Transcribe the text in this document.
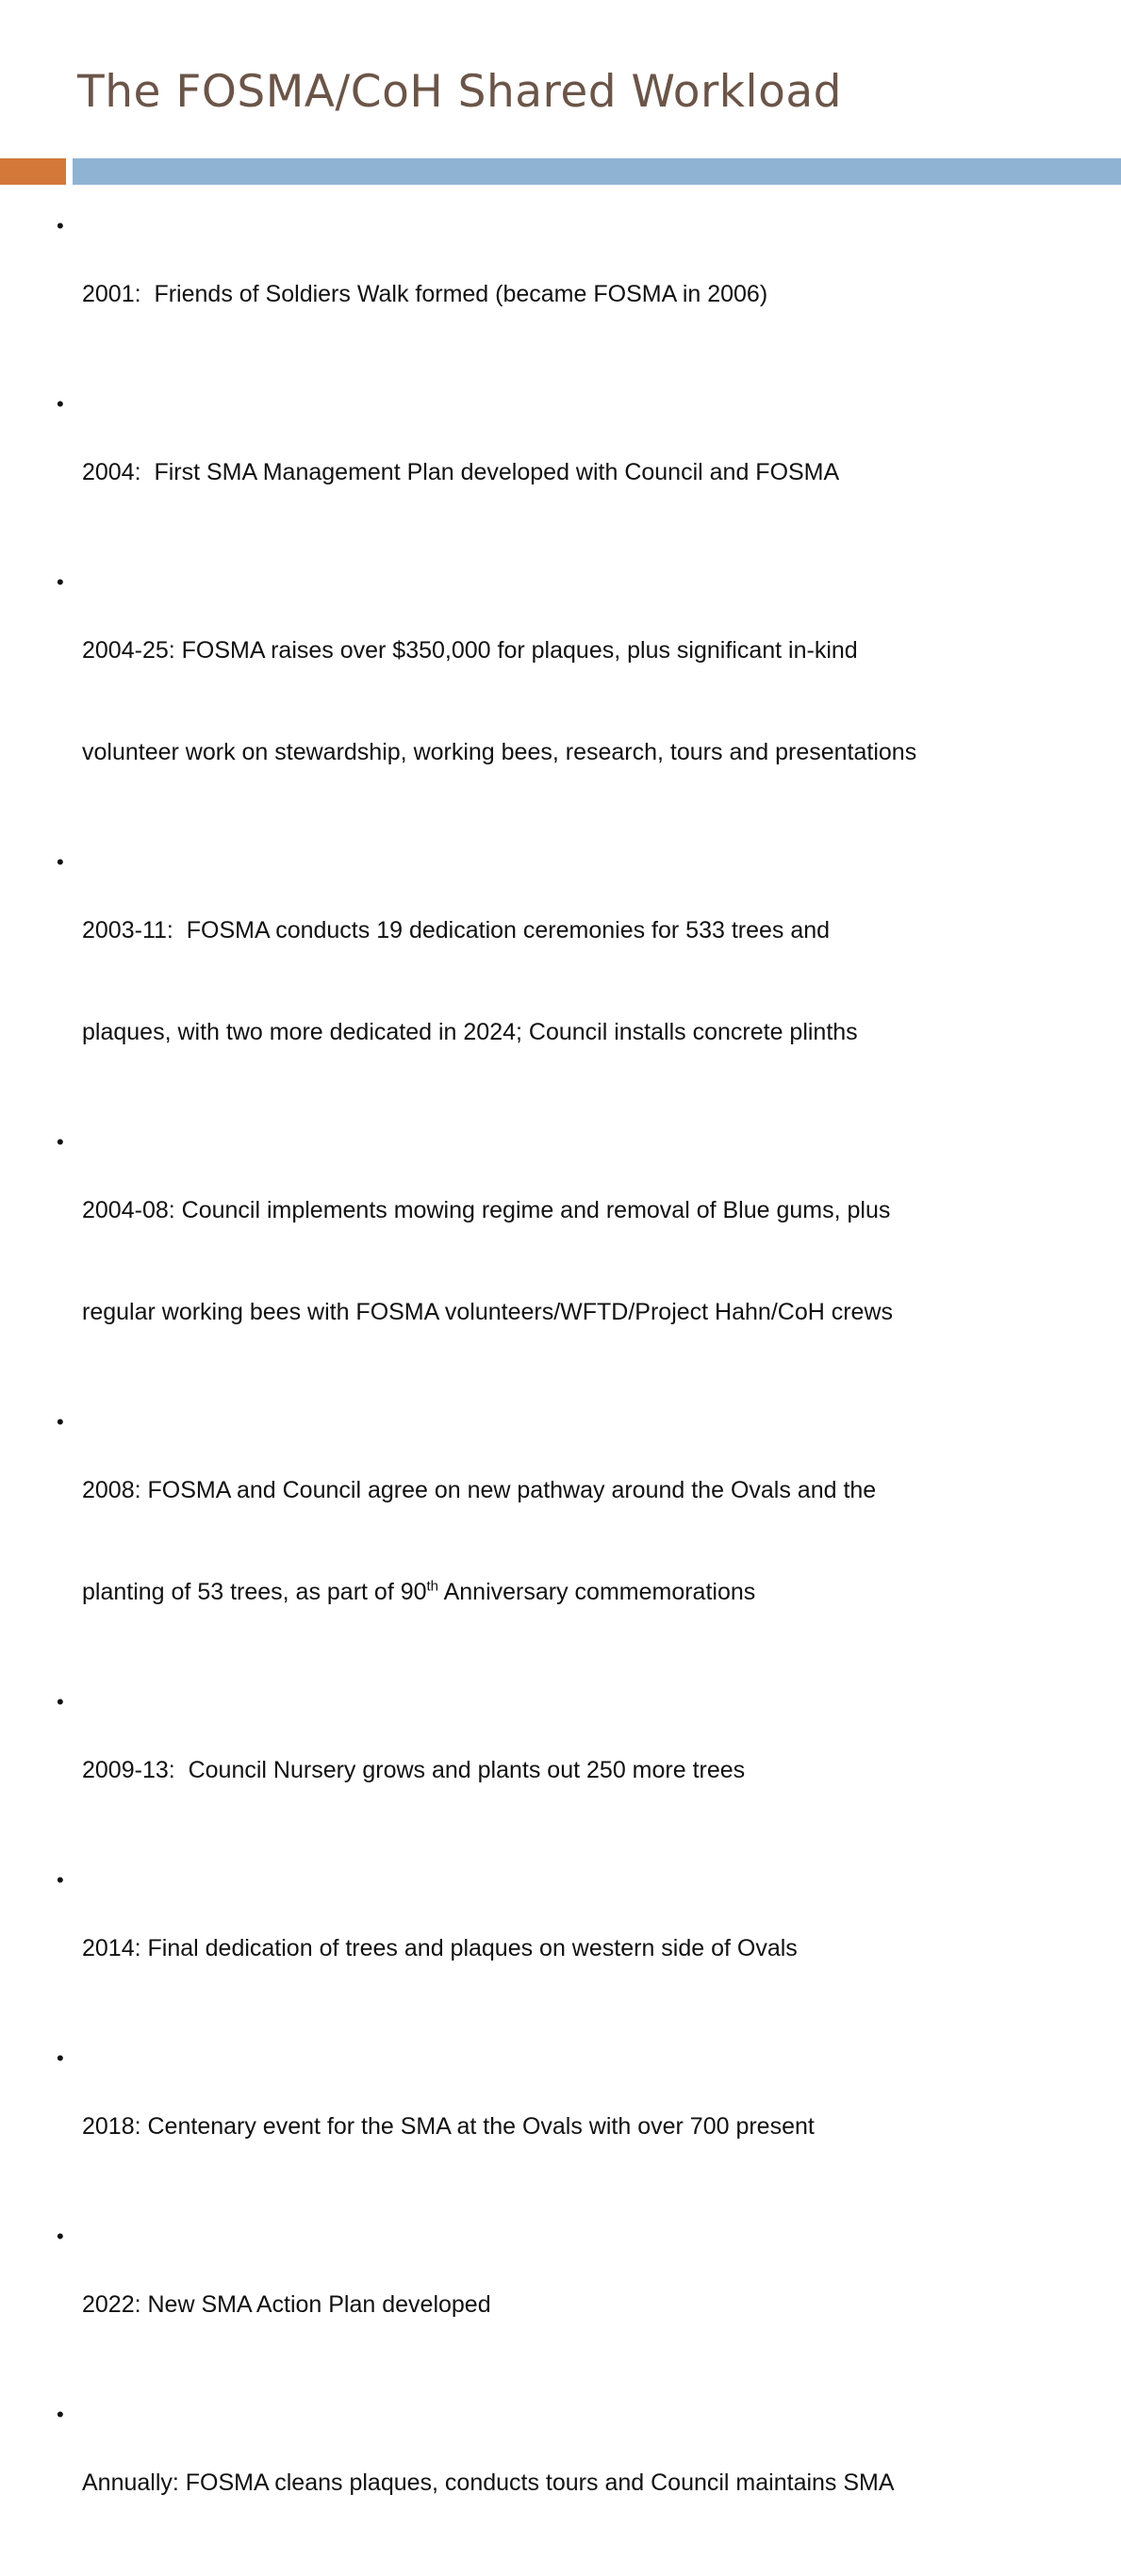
The FOSMA/CoH Shared Workload
•

2001:  Friends of Soldiers Walk formed (became FOSMA in 2006)

•

2004:  First SMA Management Plan developed with Council and FOSMA

•

2004-25: FOSMA raises over $350,000 for plaques, plus significant in-kind

volunteer work on stewardship, working bees, research, tours and presentations

•

2003-11:  FOSMA conducts 19 dedication ceremonies for 533 trees and

plaques, with two more dedicated in 2024; Council installs concrete plinths

•

2004-08: Council implements mowing regime and removal of Blue gums, plus

regular working bees with FOSMA volunteers/WFTD/Project Hahn/CoH crews

•

2008: FOSMA and Council agree on new pathway around the Ovals and the

planting of 53 trees, as part of 90th Anniversary commemorations

•

2009-13:  Council Nursery grows and plants out 250 more trees

•

2014: Final dedication of trees and plaques on western side of Ovals

•

2018: Centenary event for the SMA at the Ovals with over 700 present

•

2022: New SMA Action Plan developed

•

Annually: FOSMA cleans plaques, conducts tours and Council maintains SMA
